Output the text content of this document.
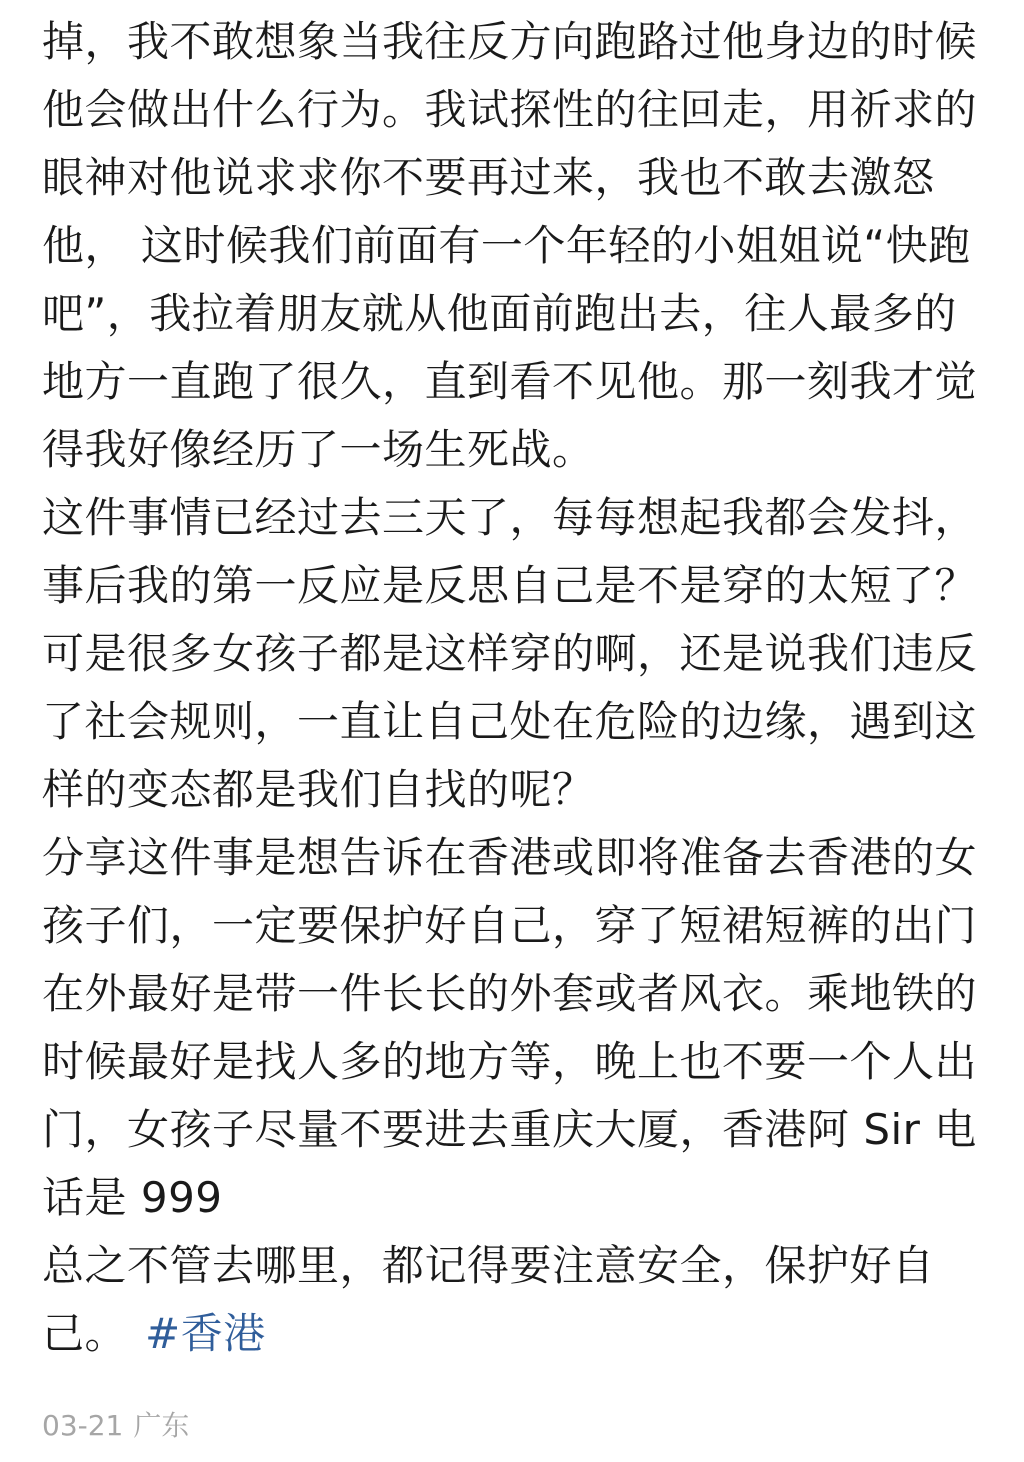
掉，我不敢想象当我往反方向跑路过他身边的时候
他会做出什么行为。我试探性的往回走，用祈求的
眼神对他说求求你不要再过来，我也不敢去激怒
他， 这时候我们前面有一个年轻的小姐姐说“快跑
吧”，我拉着朋友就从他面前跑出去，往人最多的
地方一直跑了很久，直到看不见他。那一刻我才觉
得我好像经历了一场生死战。
这件事情已经过去三天了，每每想起我都会发抖，
事后我的第一反应是反思自己是不是穿的太短了？
可是很多女孩子都是这样穿的啊，还是说我们违反
了社会规则，一直让自己处在危险的边缘，遇到这
样的变态都是我们自找的呢？
分享这件事是想告诉在香港或即将准备去香港的女
孩子们，一定要保护好自己，穿了短裙短裤的出门
在外最好是带一件长长的外套或者风衣。乘地铁的
时候最好是找人多的地方等，晚上也不要一个人出
门，女孩子尽量不要进去重庆大厦，香港阿 Sir 电
话是 999
总之不管去哪里，都记得要注意安全，保护好自
己。 #香港
03-21 广东
